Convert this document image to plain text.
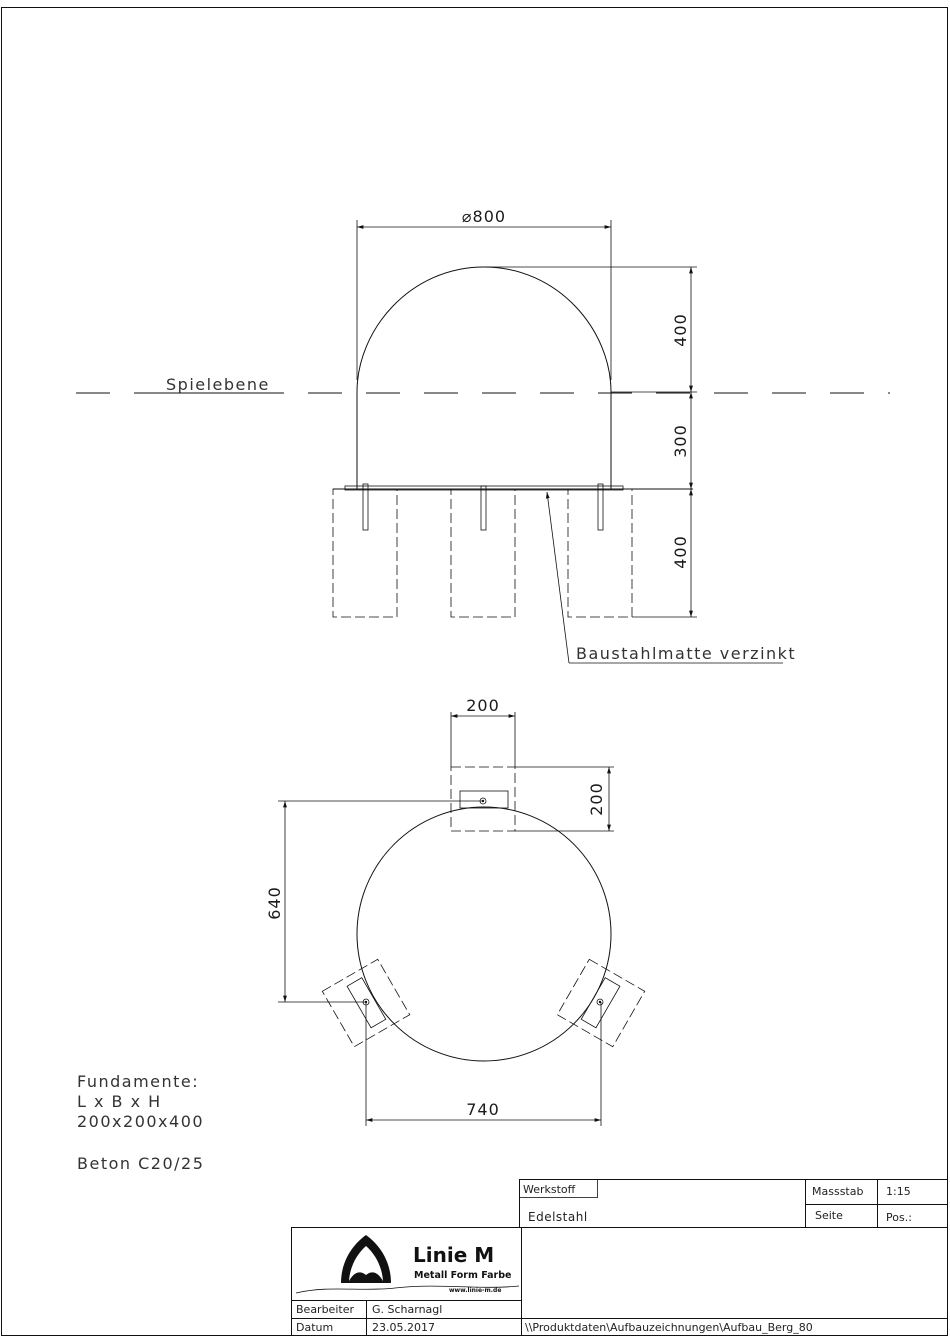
Spielebene
⌀800
400
300
400
Baustahlmatte verzinkt
200
200
640
740
Fundamente:
L x B x H
200x200x400
Beton C20/25
Werkstoff
Edelstahl
Massstab 1:15
Seite	Pos.:
Linie M
Metall Form Farbe
www.linie-m.de
Bearbeiter G. Scharnagl
Datum	23.05.2017	\\Produktdaten\Aufbauzeichnungen\Aufbau_Berg_80
